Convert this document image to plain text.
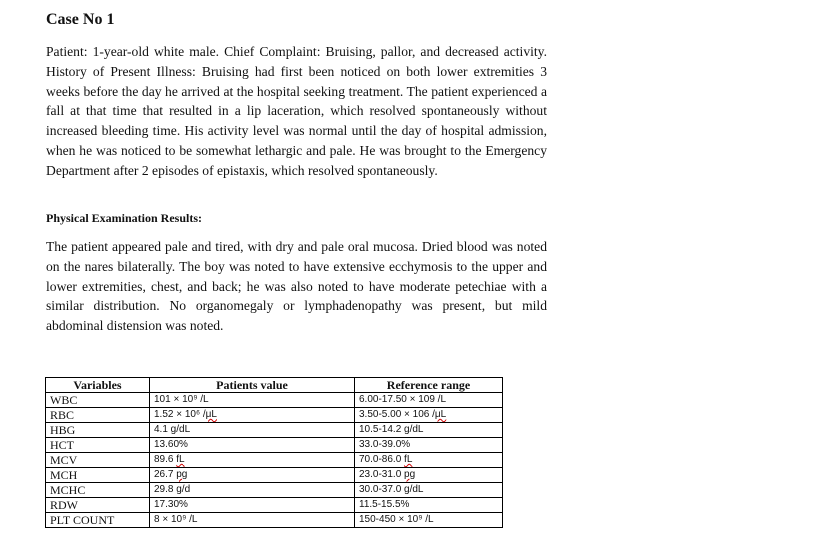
Case No 1
Patient: 1-year-old white male. Chief Complaint: Bruising, pallor, and decreased activity. History of Present Illness: Bruising had first been noticed on both lower extremities 3 weeks before the day he arrived at the hospital seeking treatment. The patient experienced a fall at that time that resulted in a lip laceration, which resolved spontaneously without increased bleeding time. His activity level was normal until the day of hospital admission, when he was noticed to be somewhat lethargic and pale. He was brought to the Emergency Department after 2 episodes of epistaxis, which resolved spontaneously.
Physical Examination Results:
The patient appeared pale and tired, with dry and pale oral mucosa. Dried blood was noted on the nares bilaterally. The boy was noted to have extensive ecchymosis to the upper and lower extremities, chest, and back; he was also noted to have moderate petechiae with a similar distribution. No organomegaly or lymphadenopathy was present, but mild abdominal distension was noted.
Variables	Patients value	Reference range
WBC	101 × 10⁹ /L	6.00-17.50 × 109 /L
RBC	1.52 × 10⁶ /μL	3.50-5.00 × 106 /μL
HBG	4.1 g/dL	10.5-14.2 g/dL
HCT	13.60%	33.0-39.0%
MCV	89.6 fL	70.0-86.0 fL
MCH	26.7 pg	23.0-31.0 pg
MCHC	29.8 g/d	30.0-37.0 g/dL
RDW	17.30%	11.5-15.5%
PLT COUNT	8 × 10⁹ /L	150-450 × 10⁹ /L
